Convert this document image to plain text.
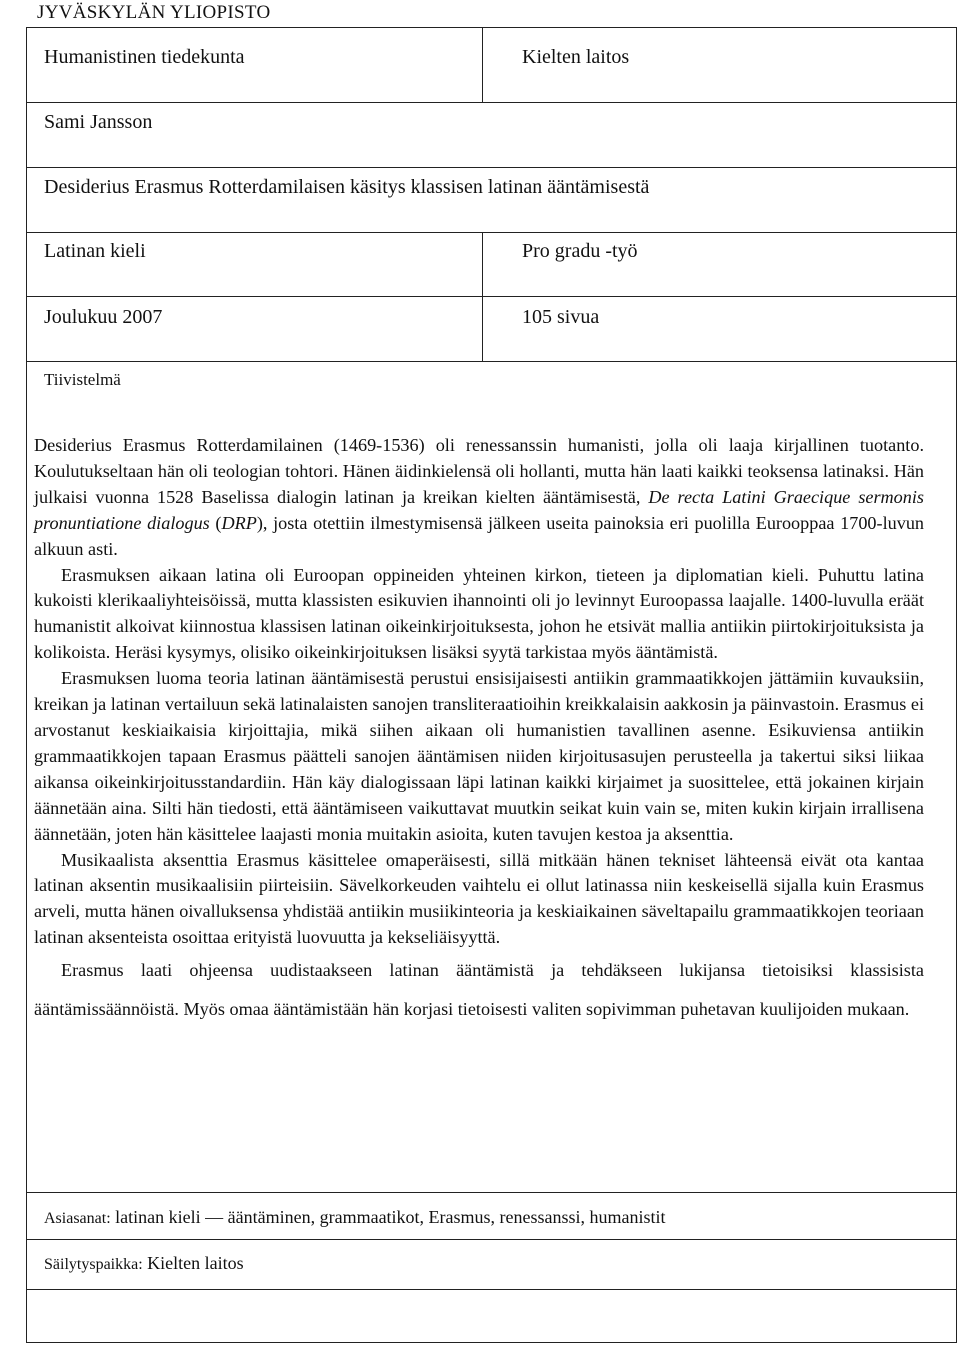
JYVÄSKYLÄN YLIOPISTO
Humanistinen tiedekunta	Kielten laitos
Sami Jansson
Desiderius Erasmus Rotterdamilaisen käsitys klassisen latinan ääntämisestä
Latinan kieli	Pro gradu -työ
Joulukuu 2007	105 sivua
Tiivistelmä

Desiderius Erasmus Rotterdamilainen (1469-1536) oli renessanssin humanisti, jolla oli laaja kirjallinen tuotanto. Koulutukseltaan hän oli teologian tohtori. Hänen äidinkielensä oli hollanti, mutta hän laati kaikki teoksensa latinaksi. Hän julkaisi vuonna 1528 Baselissa dialogin latinan ja kreikan kielten ääntämisestä, De recta Latini Graecique sermonis pronuntiatione dialogus (DRP), josta otettiin ilmestymisensä jälkeen useita painoksia eri puolilla Eurooppaa 1700-luvun alkuun asti.

Erasmuksen aikaan latina oli Euroopan oppineiden yhteinen kirkon, tieteen ja diplomatian kieli. Puhuttu latina kukoisti klerikaaliyhteisöissä, mutta klassisten esikuvien ihannointi oli jo levinnyt Euroopassa laajalle. 1400-luvulla eräät humanistit alkoivat kiinnostua klassisen latinan oikeinkirjoituksesta, johon he etsivät mallia antiikin piirtokirjoituksista ja kolikoista. Heräsi kysymys, olisiko oikeinkirjoituksen lisäksi syytä tarkistaa myös ääntämistä.

Erasmuksen luoma teoria latinan ääntämisestä perustui ensisijaisesti antiikin grammaatikkojen jättämiin kuvauksiin, kreikan ja latinan vertailuun sekä latinalaisten sanojen transliteraatioihin kreikkalaisin aakkosin ja päinvastoin. Erasmus ei arvostanut keskiaikaisia kirjoittajia, mikä siihen aikaan oli humanistien tavallinen asenne. Esikuviensa antiikin grammaatikkojen tapaan Erasmus päätteli sanojen ääntämisen niiden kirjoitusasujen perusteella ja takertui siksi liikaa aikansa oikeinkirjoitusstandardiin. Hän käy dialogissaan läpi latinan kaikki kirjaimet ja suosittelee, että jokainen kirjain äännetään aina. Silti hän tiedosti, että ääntämiseen vaikuttavat muutkin seikat kuin vain se, miten kukin kirjain irrallisena äännetään, joten hän käsittelee laajasti monia muitakin asioita, kuten tavujen kestoa ja aksenttia.

Musikaalista aksenttia Erasmus käsittelee omaperäisesti, sillä mitkään hänen tekniset lähteensä eivät ota kantaa latinan aksentin musikaalisiin piirteisiin. Sävelkorkeuden vaihtelu ei ollut latinassa niin keskeisellä sijalla kuin Erasmus arveli, mutta hänen oivalluksensa yhdistää antiikin musiikinteoria ja keskiaikainen säveltapailu grammaatikkojen teoriaan latinan aksenteista osoittaa erityistä luovuutta ja kekseliäisyyttä.

Erasmus laati ohjeensa uudistaakseen latinan ääntämistä ja tehdäkseen lukijansa tietoisiksi klassisista ääntämissäännöistä. Myös omaa ääntämistään hän korjasi tietoisesti valiten sopivimman puhetavan kuulijoiden mukaan.

Asiasanat: latinan kieli — ääntäminen, grammaatikot, Erasmus, renessanssi, humanistit
Säilytyspaikka: Kielten laitos
